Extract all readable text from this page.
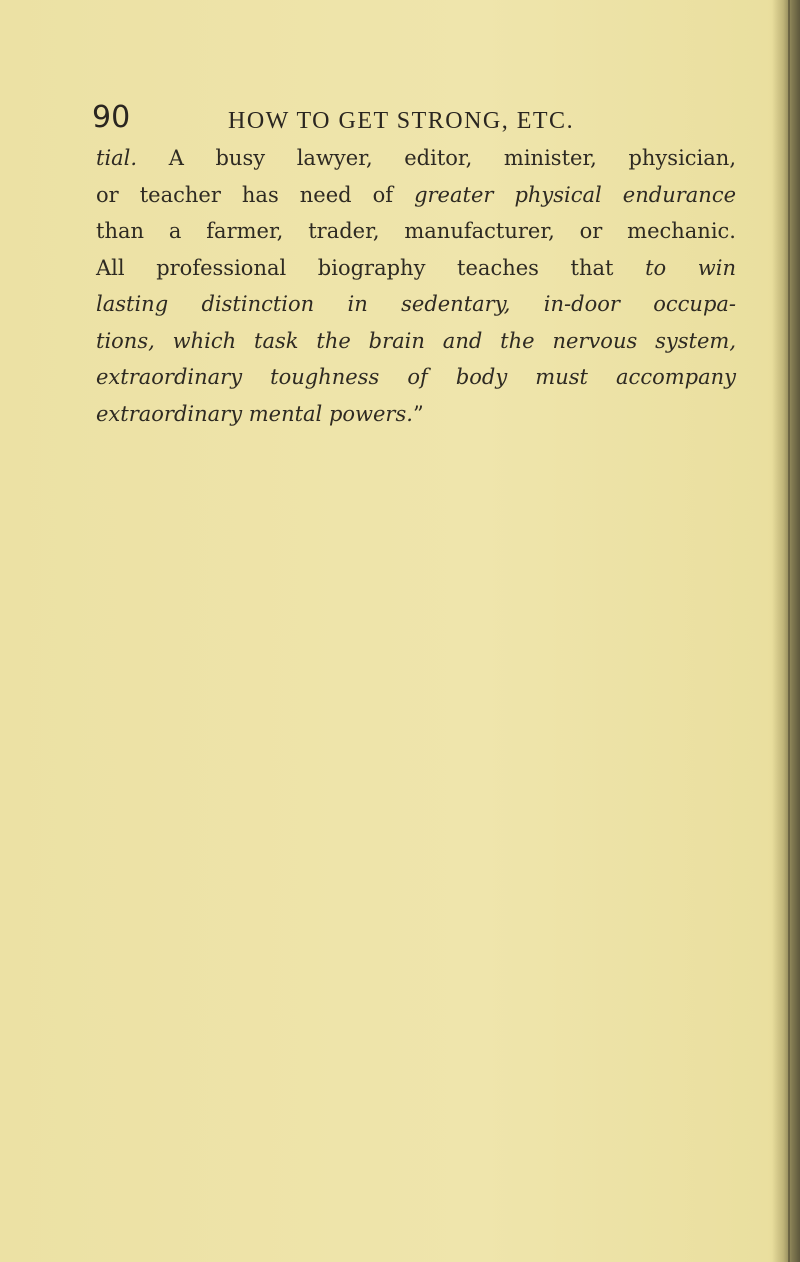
90	HOW TO GET STRONG, ETC.
tial. A busy lawyer, editor, minister, physician,
or teacher has need of greater physical endurance
than a farmer, trader, manufacturer, or mechanic.
All professional biography teaches that to win
lasting distinction in sedentary, in-door occupa-
tions, which task the brain and the nervous system,
extraordinary toughness of body must accompany
extraordinary mental powers.”
